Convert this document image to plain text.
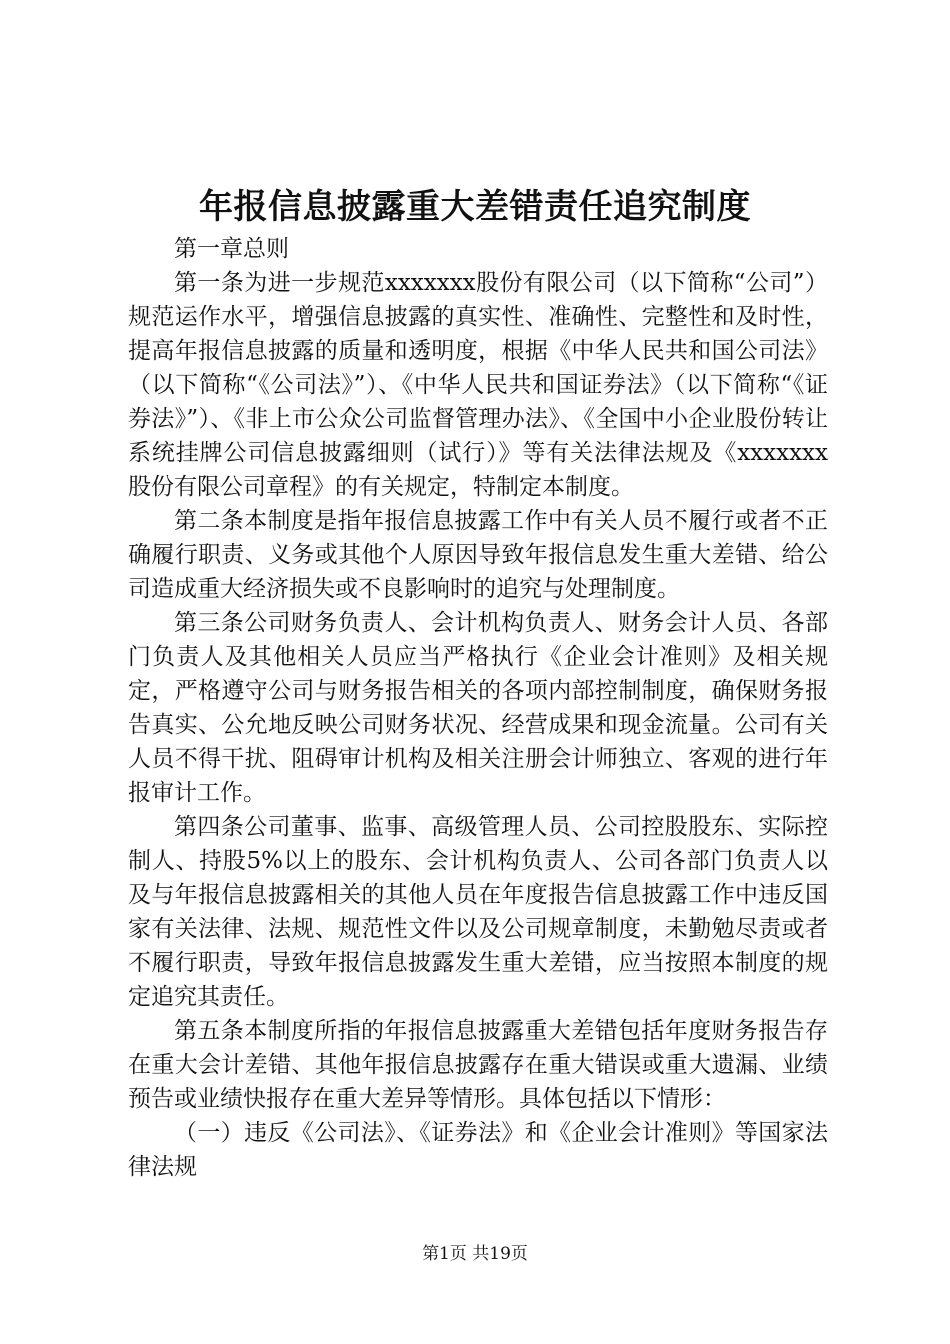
年报信息披露重大差错责任追究制度

第一章总则

第一条为进一步规范xxxxxxx股份有限公司（以下简称“公司”）规范运作水平，增强信息披露的真实性、准确性、完整性和及时性，提高年报信息披露的质量和透明度，根据《中华人民共和国公司法》（以下简称“《公司法》”）、《中华人民共和国证券法》（以下简称“《证券法》”）、《非上市公众公司监督管理办法》、《全国中小企业股份转让系统挂牌公司信息披露细则（试行）》等有关法律法规及《xxxxxxx股份有限公司章程》的有关规定，特制定本制度。

第二条本制度是指年报信息披露工作中有关人员不履行或者不正确履行职责、义务或其他个人原因导致年报信息发生重大差错、给公司造成重大经济损失或不良影响时的追究与处理制度。

第三条公司财务负责人、会计机构负责人、财务会计人员、各部门负责人及其他相关人员应当严格执行《企业会计准则》及相关规定，严格遵守公司与财务报告相关的各项内部控制制度，确保财务报告真实、公允地反映公司财务状况、经营成果和现金流量。公司有关人员不得干扰、阻碍审计机构及相关注册会计师独立、客观的进行年报审计工作。

第四条公司董事、监事、高级管理人员、公司控股股东、实际控制人、持股5%以上的股东、会计机构负责人、公司各部门负责人以及与年报信息披露相关的其他人员在年度报告信息披露工作中违反国家有关法律、法规、规范性文件以及公司规章制度，未勤勉尽责或者不履行职责，导致年报信息披露发生重大差错，应当按照本制度的规定追究其责任。

第五条本制度所指的年报信息披露重大差错包括年度财务报告存在重大会计差错、其他年报信息披露存在重大错误或重大遗漏、业绩预告或业绩快报存在重大差异等情形。具体包括以下情形：

（一）违反《公司法》、《证券法》和《企业会计准则》等国家法律法规

第1页 共19页
